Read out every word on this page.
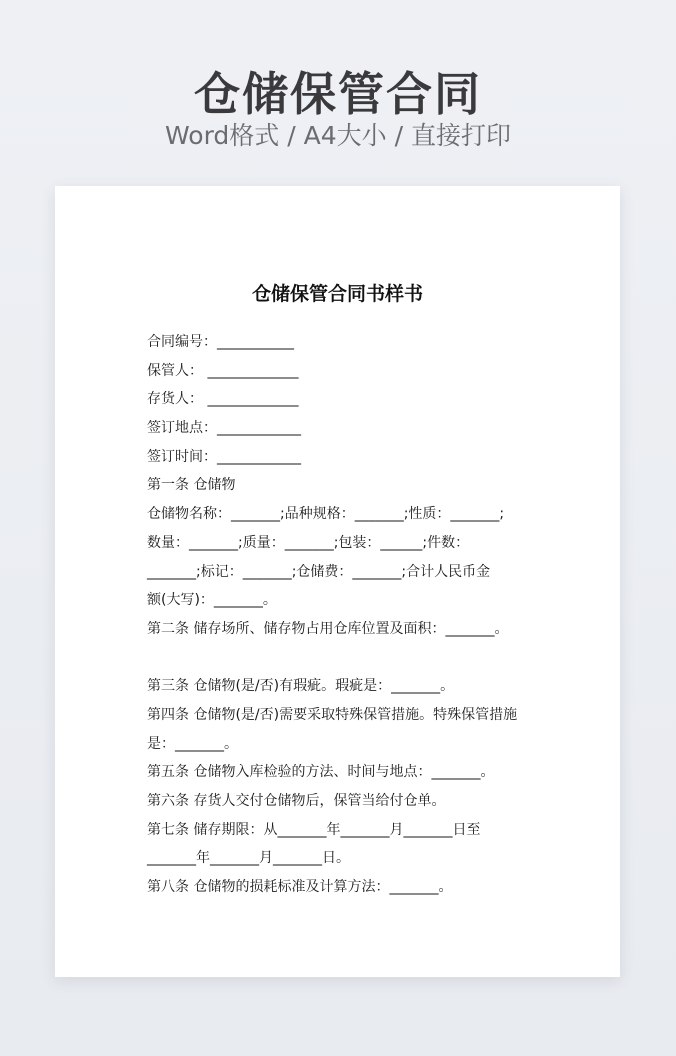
仓储保管合同
Word格式 / A4大小 / 直接打印
仓储保管合同书样书
合同编号：___________
保管人： _____________
存货人： _____________
签订地点：____________
签订时间：____________
第一条 仓储物
仓储物名称：_______;品种规格：_______;性质：_______;
数量：_______;质量：_______;包装：______;件数：
_______;标记：_______;仓储费：_______;合计人民币金
额(大写)：_______。
第二条 储存场所、储存物占用仓库位置及面积：_______。
第三条 仓储物(是/否)有瑕疵。瑕疵是：_______。
第四条 仓储物(是/否)需要采取特殊保管措施。特殊保管措施
是：_______。
第五条 仓储物入库检验的方法、时间与地点：_______。
第六条 存货人交付仓储物后，保管当给付仓单。
第七条 储存期限：从_______年_______月_______日至
_______年_______月_______日。
第八条 仓储物的损耗标准及计算方法：_______。
